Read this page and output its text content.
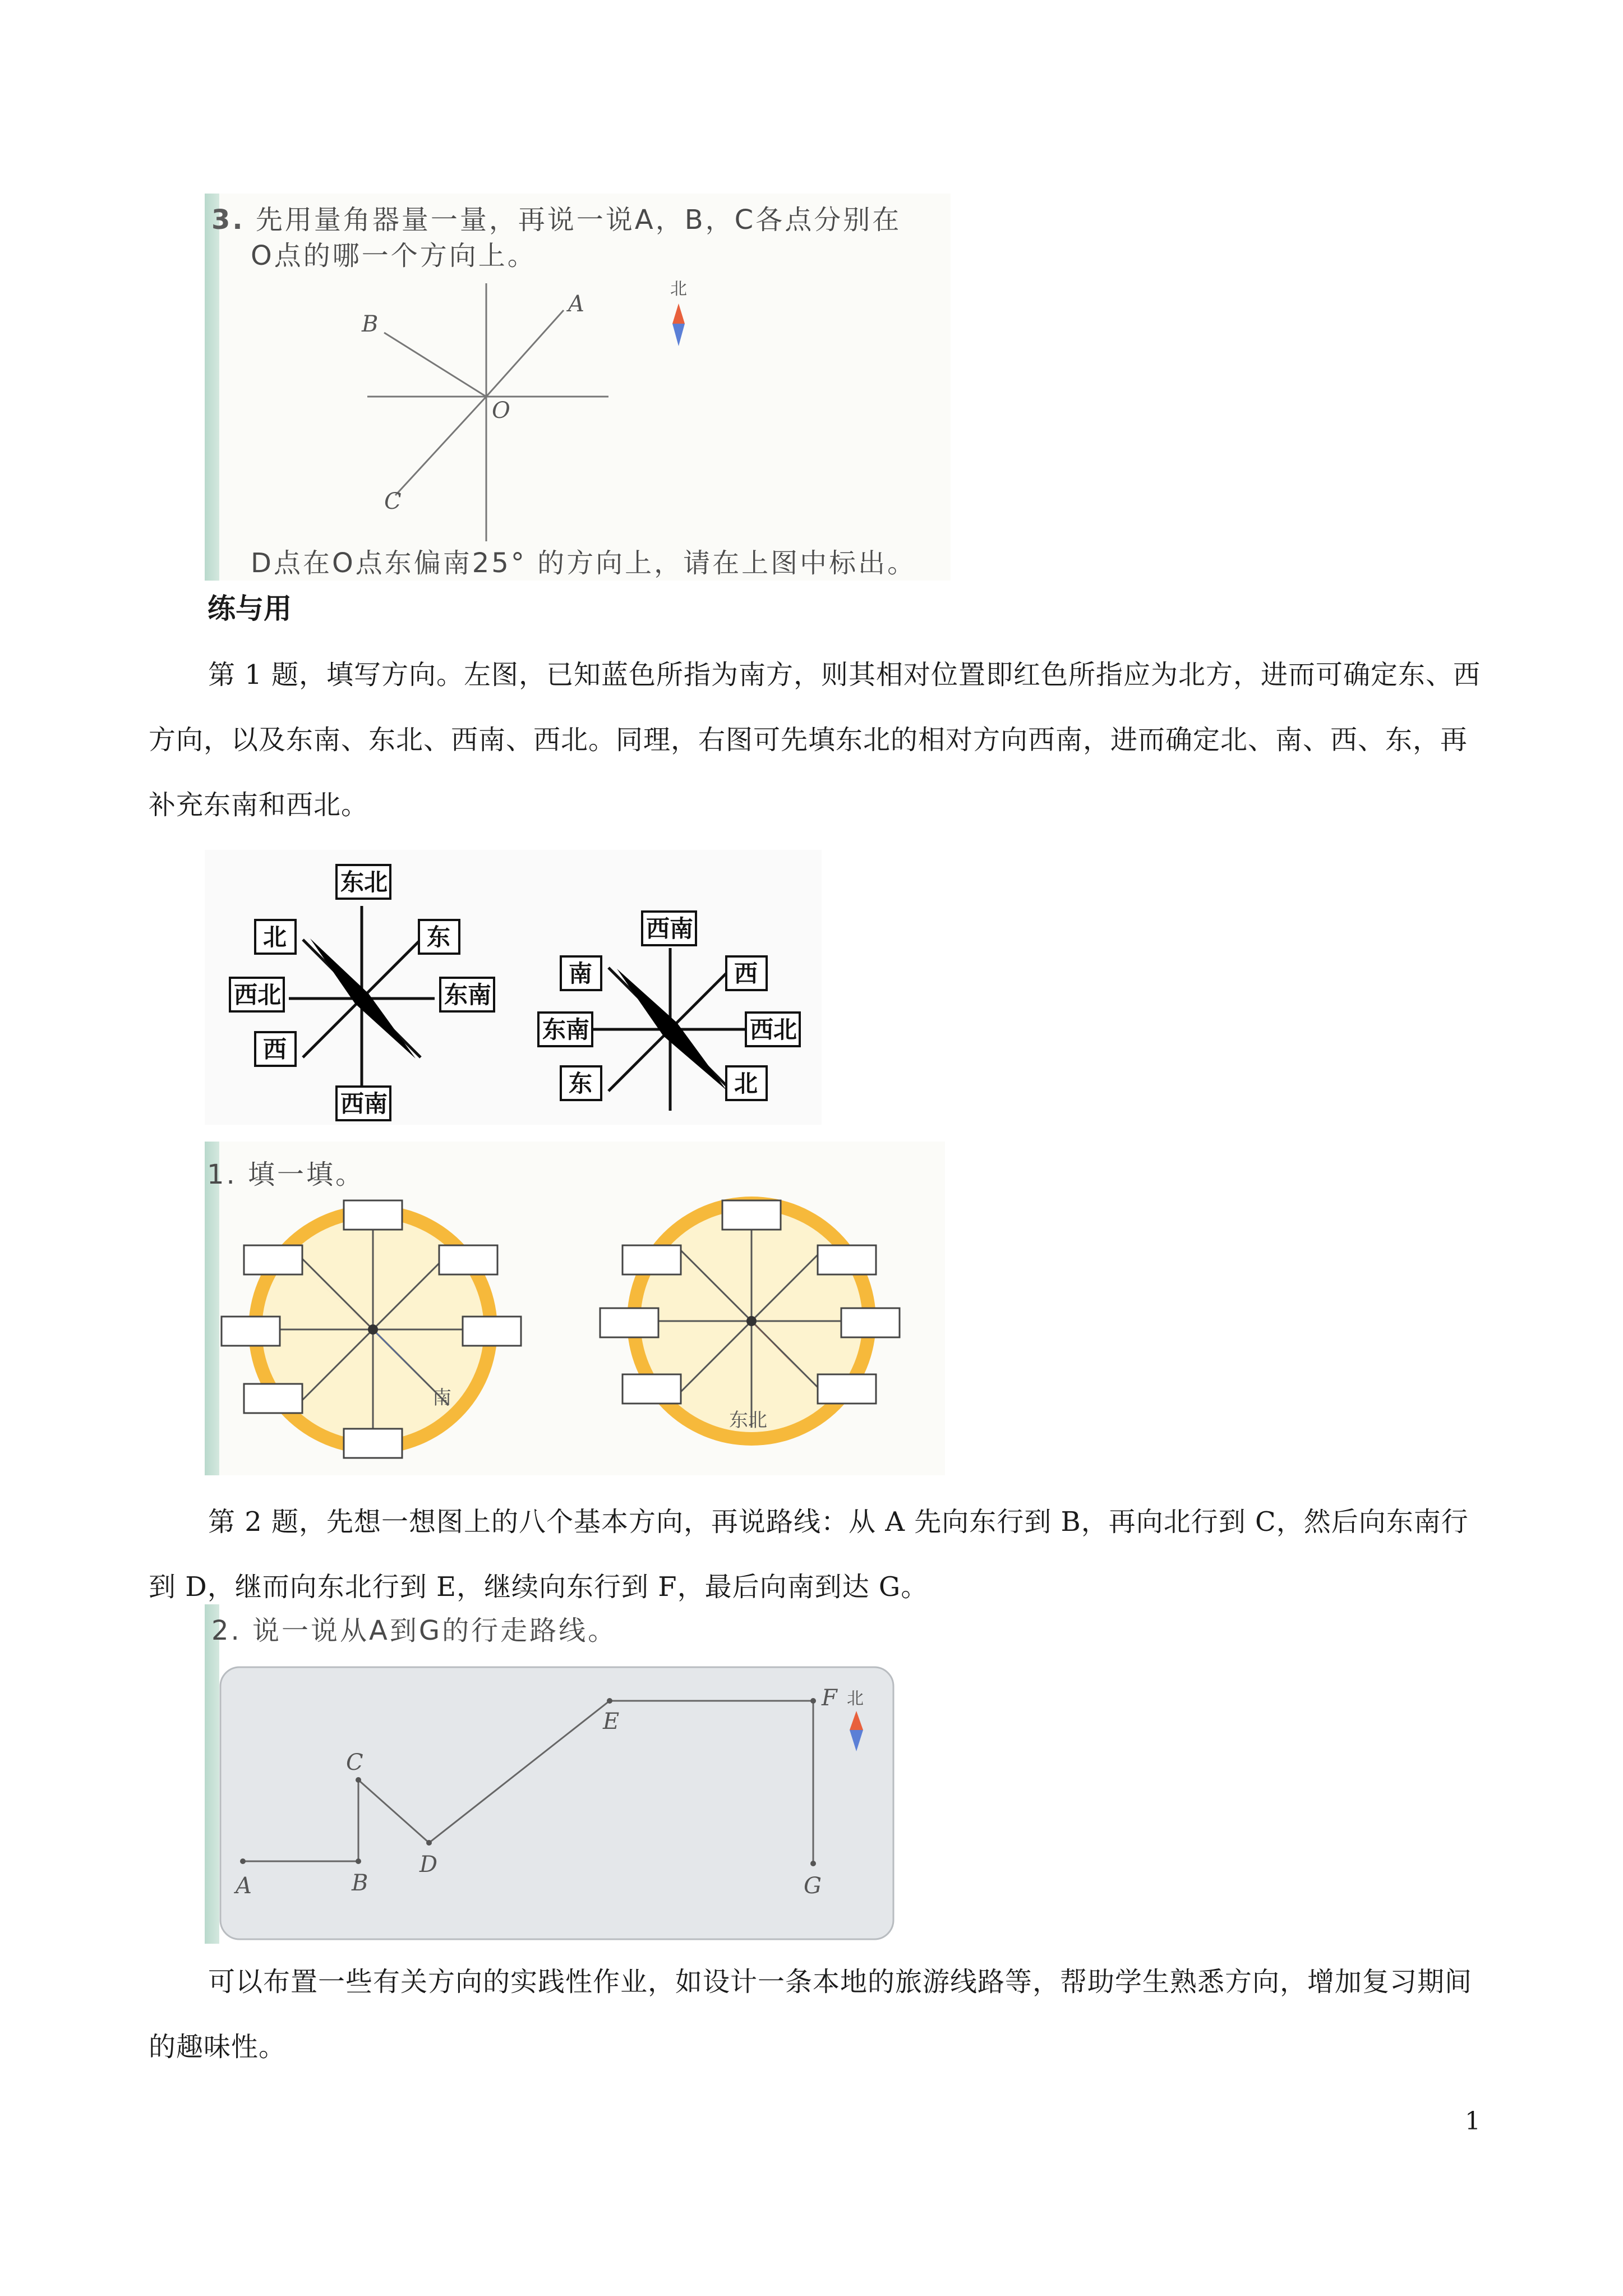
3. 先用量角器量一量，再说一说A，B，C各点分别在
O点的哪一个方向上。
A
B
C
O
北
D点在O点东偏南25° 的方向上，请在上图中标出。
练与用

第 1 题，填写方向。左图，已知蓝色所指为南方，则其相对位置即红色所指应为北方，进而可确定东、西方向，以及东南、东北、西南、西北。同理，右图可先填东北的相对方向西南，进而确定北、南、西、东，再补充东南和西北。

东北
北	东
西北	东南
西
西南
西南
南	西
东南	西北
东	北
1. 填一填。
南
东北

第 2 题，先想一想图上的八个基本方向，再说路线：从 A 先向东行到 B，再向北行到 C，然后向东南行到 D，继而向东北行到 E，继续向东行到 F，最后向南到达 G。

2. 说一说从A到G的行走路线。
A	B
C
D
E
F
G
北

可以布置一些有关方向的实践性作业，如设计一条本地的旅游线路等，帮助学生熟悉方向，增加复习期间的趣味性。

1
